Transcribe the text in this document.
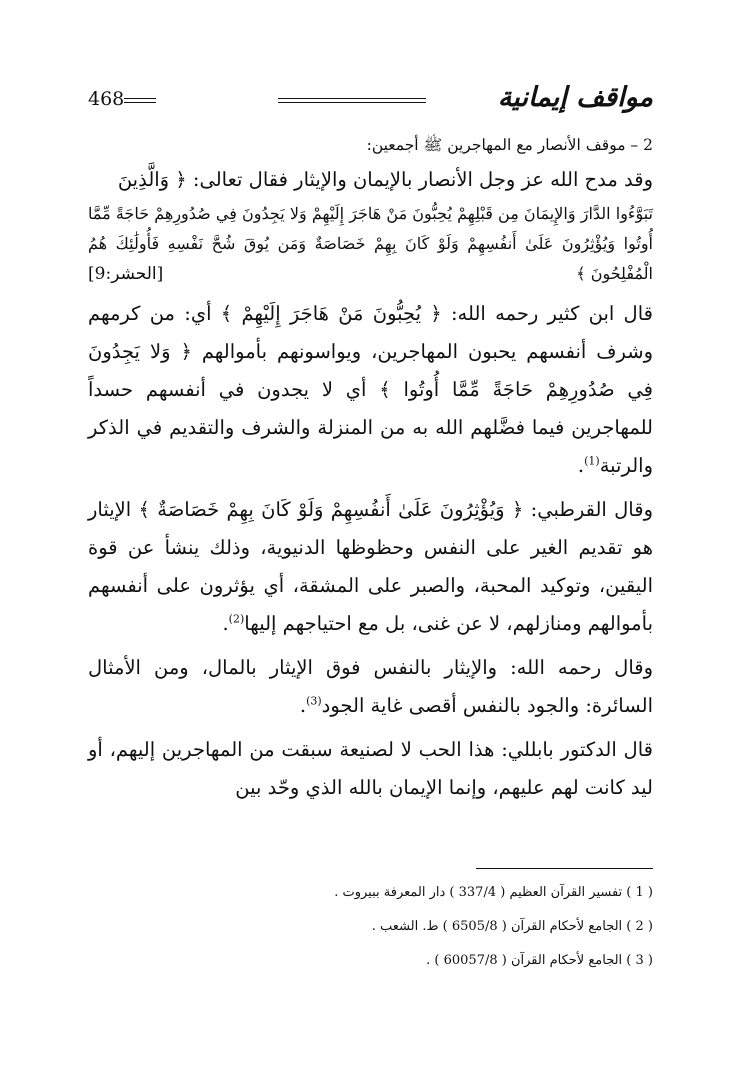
مواقف إيمانية
468

2 – موقف الأنصار مع المهاجرين ﷺ أجمعين:

وقد مدح الله عز وجل الأنصار بالإيمان والإيثار فقال تعالى: ﴿ وَالَّذِينَ

تَبَوَّءُوا الدَّارَ وَالإِيمَانَ مِن قَبْلِهِمْ يُحِبُّونَ مَنْ هَاجَرَ إِلَيْهِمْ وَلا يَجِدُونَ فِي صُدُورِهِمْ حَاجَةً مِّمَّا أُوتُوا وَيُؤْثِرُونَ عَلَىٰ أَنفُسِهِمْ وَلَوْ كَانَ بِهِمْ خَصَاصَةٌ وَمَن يُوقَ شُحَّ نَفْسِهِ فَأُولَٰئِكَ هُمُ الْمُفْلِحُونَ ﴾

[الحشر:9]

قال ابن كثير رحمه الله: ﴿ يُحِبُّونَ مَنْ هَاجَرَ إِلَيْهِمْ ﴾ أي: من كرمهم وشرف أنفسهم يحبون المهاجرين، ويواسونهم بأموالهم ﴿ وَلا يَجِدُونَ فِي صُدُورِهِمْ حَاجَةً مِّمَّا أُوتُوا ﴾ أي لا يجدون في أنفسهم حسداً للمهاجرين فيما فضَّلهم الله به من المنزلة والشرف والتقديم في الذكر والرتبة$^{(1)}$.

وقال القرطبي: ﴿ وَيُؤْثِرُونَ عَلَىٰ أَنفُسِهِمْ وَلَوْ كَانَ بِهِمْ خَصَاصَةٌ ﴾ الإيثار هو تقديم الغير على النفس وحظوظها الدنيوية، وذلك ينشأ عن قوة اليقين، وتوكيد المحبة، والصبر على المشقة، أي يؤثرون على أنفسهم بأموالهم ومنازلهم، لا عن غنى، بل مع احتياجهم إليها$^{(2)}$.

وقال رحمه الله: والإيثار بالنفس فوق الإيثار بالمال، ومن الأمثال السائرة: والجود بالنفس أقصى غاية الجود$^{(3)}$.

قال الدكتور بابللي: هذا الحب لا لصنيعة سبقت من المهاجرين إليهم، أو ليد كانت لهم عليهم، وإنما الإيمان بالله الذي وحّد بين

( 1 ) تفسير القرآن العظيم ( 337/4 ) دار المعرفة ببيروت .

( 2 ) الجامع لأحكام القرآن ( 6505/8 ) ط. الشعب .

( 3 ) الجامع لأحكام القرآن ( 60057/8 ) .
